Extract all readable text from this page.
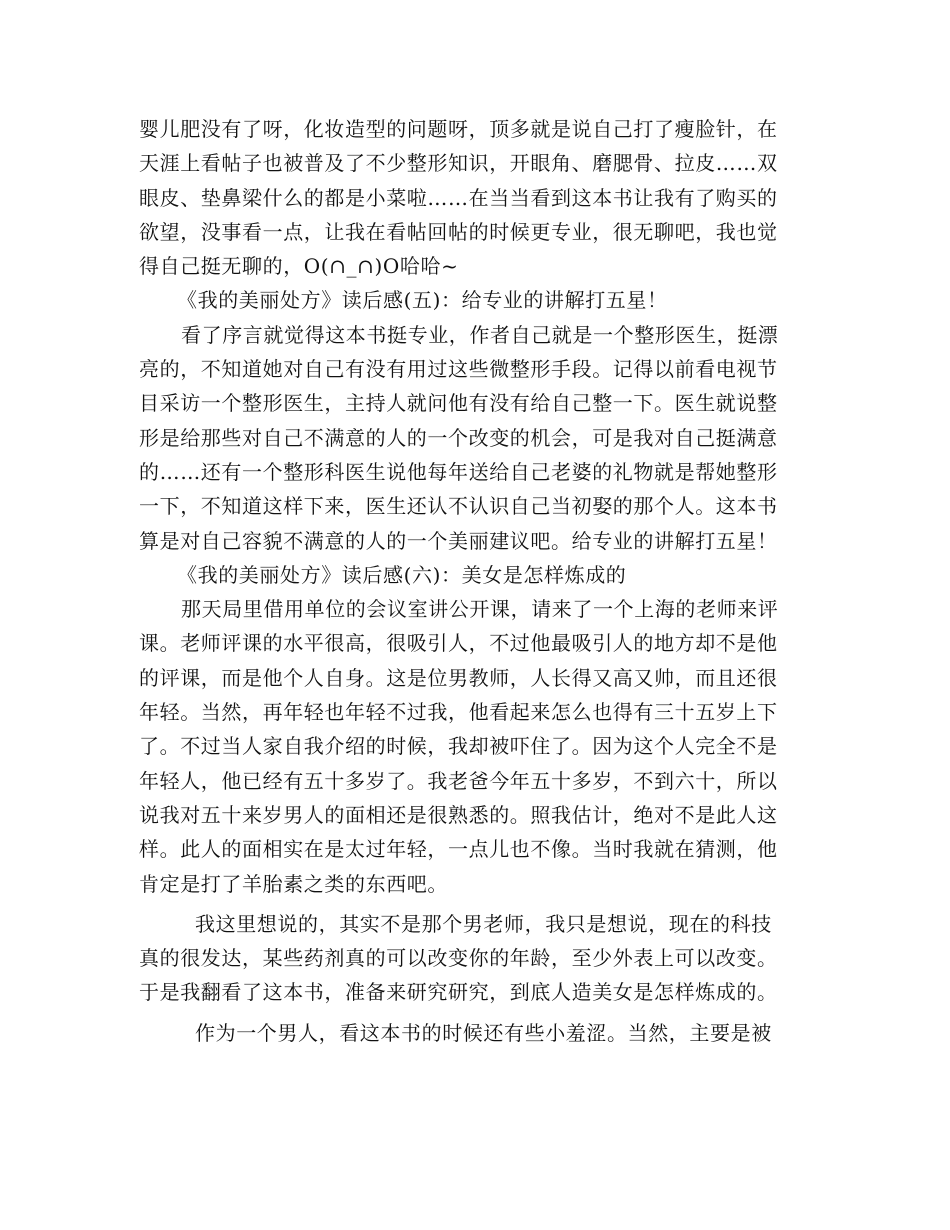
婴儿肥没有了呀，化妆造型的问题呀，顶多就是说自己打了瘦脸针，在
天涯上看帖子也被普及了不少整形知识，开眼角、磨腮骨、拉皮……双
眼皮、垫鼻梁什么的都是小菜啦……在当当看到这本书让我有了购买的
欲望，没事看一点，让我在看帖回帖的时候更专业，很无聊吧，我也觉
得自己挺无聊的，O(∩_∩)O哈哈~
《我的美丽处方》读后感(五)：给专业的讲解打五星！
看了序言就觉得这本书挺专业，作者自己就是一个整形医生，挺漂
亮的，不知道她对自己有没有用过这些微整形手段。记得以前看电视节
目采访一个整形医生，主持人就问他有没有给自己整一下。医生就说整
形是给那些对自己不满意的人的一个改变的机会，可是我对自己挺满意
的……还有一个整形科医生说他每年送给自己老婆的礼物就是帮她整形
一下，不知道这样下来，医生还认不认识自己当初娶的那个人。这本书
算是对自己容貌不满意的人的一个美丽建议吧。给专业的讲解打五星！
《我的美丽处方》读后感(六)：美女是怎样炼成的
那天局里借用单位的会议室讲公开课，请来了一个上海的老师来评
课。老师评课的水平很高，很吸引人，不过他最吸引人的地方却不是他
的评课，而是他个人自身。这是位男教师，人长得又高又帅，而且还很
年轻。当然，再年轻也年轻不过我，他看起来怎么也得有三十五岁上下
了。不过当人家自我介绍的时候，我却被吓住了。因为这个人完全不是
年轻人，他已经有五十多岁了。我老爸今年五十多岁，不到六十，所以
说我对五十来岁男人的面相还是很熟悉的。照我估计，绝对不是此人这
样。此人的面相实在是太过年轻，一点儿也不像。当时我就在猜测，他
肯定是打了羊胎素之类的东西吧。
我这里想说的，其实不是那个男老师，我只是想说，现在的科技
真的很发达，某些药剂真的可以改变你的年龄，至少外表上可以改变。
于是我翻看了这本书，准备来研究研究，到底人造美女是怎样炼成的。
作为一个男人，看这本书的时候还有些小羞涩。当然，主要是被
